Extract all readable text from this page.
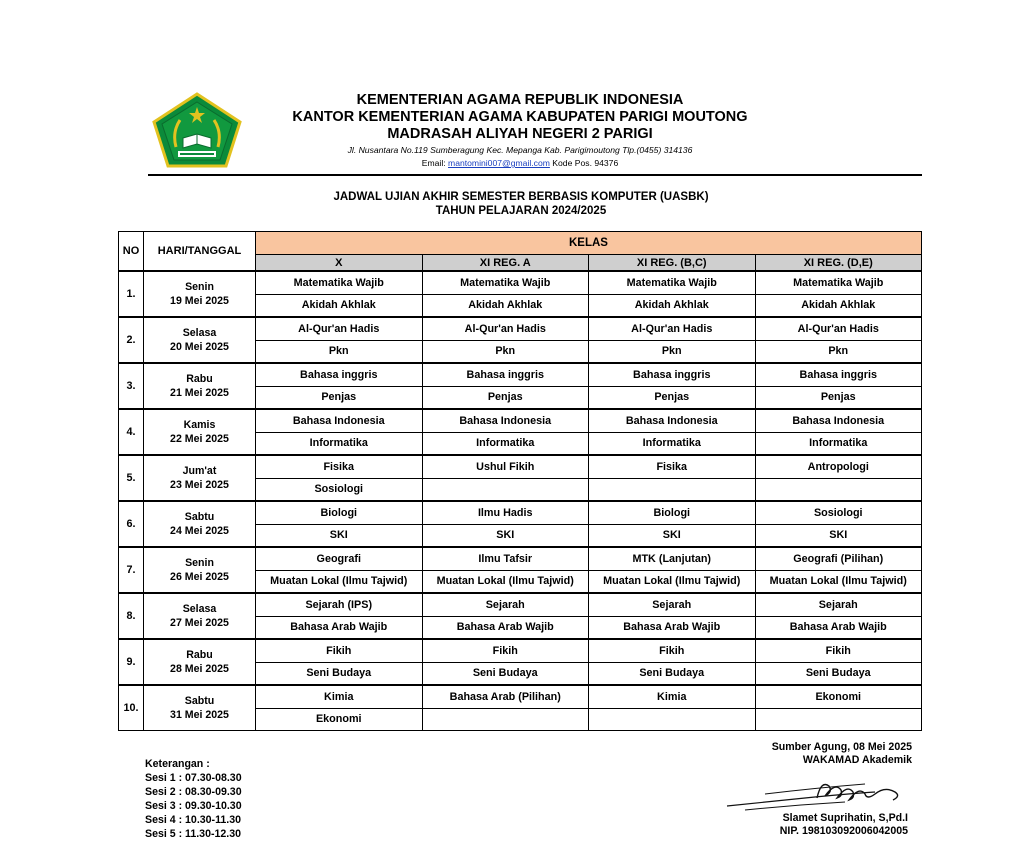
KEMENTERIAN AGAMA REPUBLIK INDONESIA
KANTOR KEMENTERIAN AGAMA KABUPATEN PARIGI MOUTONG
MADRASAH ALIYAH NEGERI 2 PARIGI
Jl. Nusantara No.119 Sumberagung Kec. Mepanga Kab. Parigimoutong Tlp.(0455) 314136
Email: mantomini007@gmail.com Kode Pos. 94376
JADWAL UJIAN AKHIR SEMESTER BERBASIS KOMPUTER (UASBK)
TAHUN PELAJARAN 2024/2025
NO	HARI/TANGGAL	KELAS			
		X	XI REG. A	XI REG. (B,C)	XI REG. (D,E)
1.	Senin
19 Mei 2025	Matematika Wajib	Matematika Wajib	Matematika Wajib	Matematika Wajib
		Akidah Akhlak	Akidah Akhlak	Akidah Akhlak	Akidah Akhlak
2.	Selasa
20 Mei 2025	Al-Qur'an Hadis	Al-Qur'an Hadis	Al-Qur'an Hadis	Al-Qur'an Hadis
		Pkn	Pkn	Pkn	Pkn
3.	Rabu
21 Mei 2025	Bahasa inggris	Bahasa inggris	Bahasa inggris	Bahasa inggris
		Penjas	Penjas	Penjas	Penjas
4.	Kamis
22 Mei 2025	Bahasa Indonesia	Bahasa Indonesia	Bahasa Indonesia	Bahasa Indonesia
		Informatika	Informatika	Informatika	Informatika
5.	Jum'at
23 Mei 2025	Fisika	Ushul Fikih	Fisika	Antropologi
		Sosiologi			
6.	Sabtu
24 Mei 2025	Biologi	Ilmu Hadis	Biologi	Sosiologi
		SKI	SKI	SKI	SKI
7.	Senin
26 Mei 2025	Geografi	Ilmu Tafsir	MTK (Lanjutan)	Geografi (Pilihan)
		Muatan Lokal (Ilmu Tajwid)	Muatan Lokal (Ilmu Tajwid)	Muatan Lokal (Ilmu Tajwid)	Muatan Lokal (Ilmu Tajwid)
8.	Selasa
27 Mei 2025	Sejarah (IPS)	Sejarah	Sejarah	Sejarah
		Bahasa Arab Wajib	Bahasa Arab Wajib	Bahasa Arab Wajib	Bahasa Arab Wajib
9.	Rabu
28 Mei 2025	Fikih	Fikih	Fikih	Fikih
		Seni Budaya	Seni Budaya	Seni Budaya	Seni Budaya
10.	Sabtu
31 Mei 2025	Kimia	Bahasa Arab (Pilihan)	Kimia	Ekonomi
		Ekonomi			
Keterangan :
Sesi 1 : 07.30-08.30
Sesi 2 : 08.30-09.30
Sesi 3 : 09.30-10.30
Sesi 4 : 10.30-11.30
Sesi 5 : 11.30-12.30
Sumber Agung, 08 Mei 2025
WAKAMAD Akademik
Slamet Suprihatin, S,Pd.I
NIP. 198103092006042005
